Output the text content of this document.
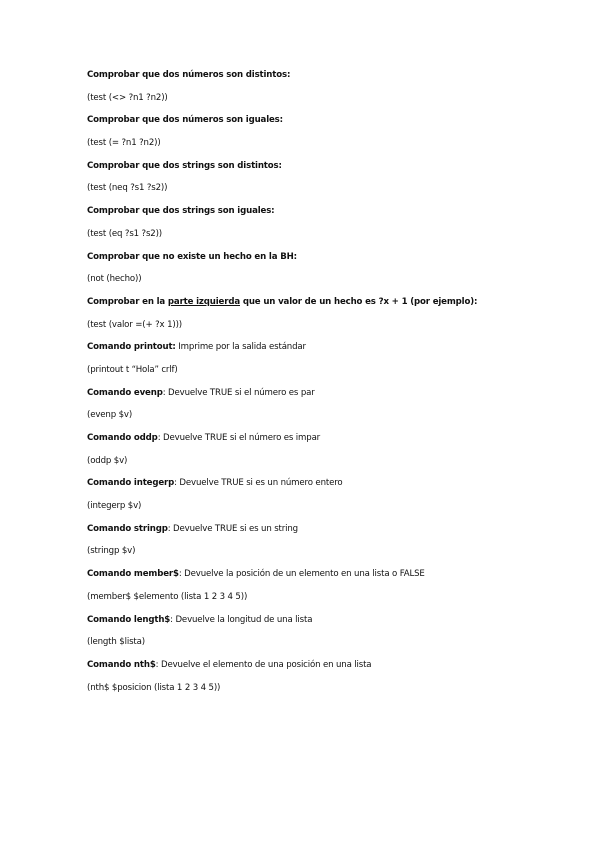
Comprobar que dos números son distintos:
(test (<> ?n1 ?n2))
Comprobar que dos números son iguales:
(test (= ?n1 ?n2))
Comprobar que dos strings son distintos:
(test (neq ?s1 ?s2))
Comprobar que dos strings son iguales:
(test (eq ?s1 ?s2))
Comprobar que no existe un hecho en la BH:
(not (hecho))
Comprobar en la parte izquierda que un valor de un hecho es ?x + 1 (por ejemplo):
(test (valor =(+ ?x 1)))
Comando printout: Imprime por la salida estándar
(printout t “Hola” crlf)
Comando evenp: Devuelve TRUE si el número es par
(evenp $v)
Comando oddp: Devuelve TRUE si el número es impar
(oddp $v)
Comando integerp: Devuelve TRUE si es un número entero
(integerp $v)
Comando stringp: Devuelve TRUE si es un string
(stringp $v)
Comando member$: Devuelve la posición de un elemento en una lista o FALSE
(member$ $elemento (lista 1 2 3 4 5))
Comando length$: Devuelve la longitud de una lista
(length $lista)
Comando nth$: Devuelve el elemento de una posición en una lista
(nth$ $posicion (lista 1 2 3 4 5))
